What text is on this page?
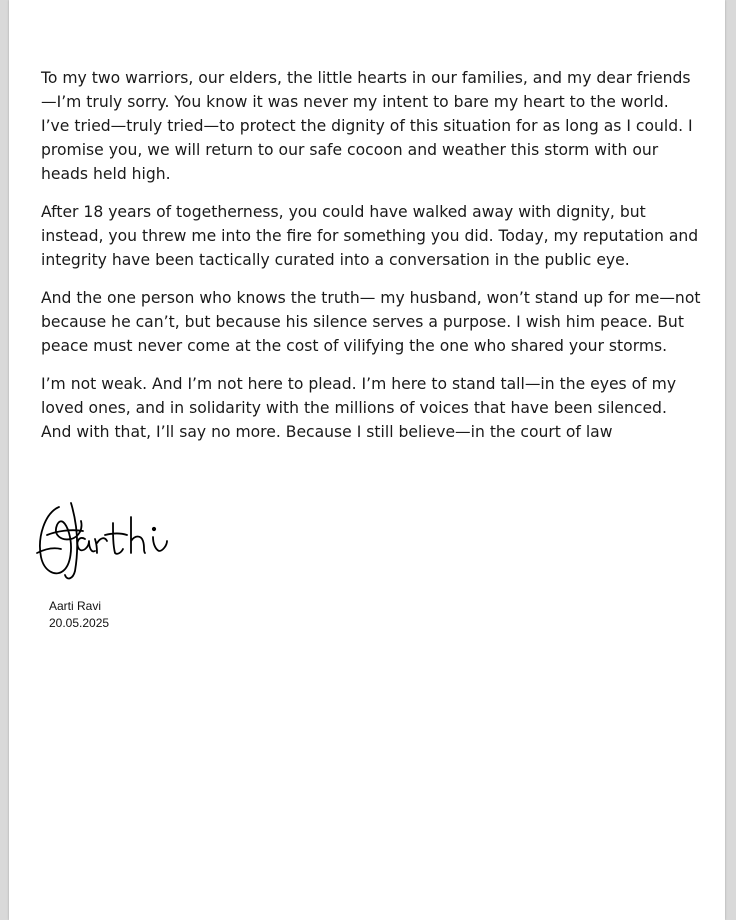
To my two warriors, our elders, the little hearts in our families, and my dear friends—I’m truly sorry. You know it was never my intent to bare my heart to the world. I’ve tried—truly tried—to protect the dignity of this situation for as long as I could. I promise you, we will return to our safe cocoon and weather this storm with our heads held high.

After 18 years of togetherness, you could have walked away with dignity, but instead, you threw me into the fire for something you did. Today, my reputation and integrity have been tactically curated into a conversation in the public eye.

And the one person who knows the truth— my husband, won’t stand up for me—not because he can’t, but because his silence serves a purpose. I wish him peace. But peace must never come at the cost of vilifying the one who shared your storms.

I’m not weak. And I’m not here to plead. I’m here to stand tall—in the eyes of my loved ones, and in solidarity with the millions of voices that have been silenced. And with that, I’ll say no more. Because I still believe—in the court of law

Aarti Ravi
20.05.2025
